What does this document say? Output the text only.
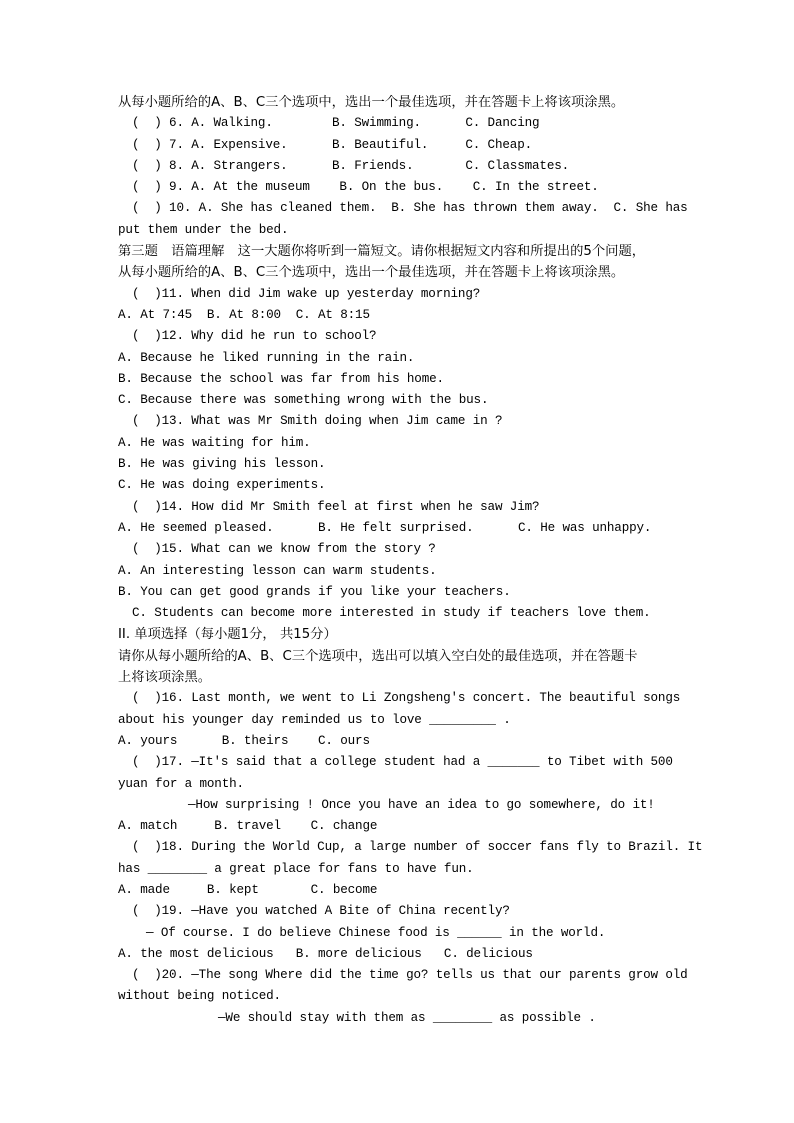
从每小题所给的A、B、C三个选项中，选出一个最佳选项，并在答题卡上将该项涂黑。
(  ) 6. A. Walking.        B. Swimming.      C. Dancing
(  ) 7. A. Expensive.      B. Beautiful.     C. Cheap.
(  ) 8. A. Strangers.      B. Friends.       C. Classmates.
(  ) 9. A. At the museum    B. On the bus.    C. In the street.
(  ) 10. A. She has cleaned them.  B. She has thrown them away.  C. She has
put them under the bed.
第三题　语篇理解　这一大题你将听到一篇短文。请你根据短文内容和所提出的5个问题，
从每小题所给的A、B、C三个选项中，选出一个最佳选项，并在答题卡上将该项涂黑。
(  )11. When did Jim wake up yesterday morning?
A. At 7:45  B. At 8:00  C. At 8:15
(  )12. Why did he run to school?
A. Because he liked running in the rain.
B. Because the school was far from his home.
C. Because there was something wrong with the bus.
(  )13. What was Mr Smith doing when Jim came in ?
A. He was waiting for him.
B. He was giving his lesson.
C. He was doing experiments.
(  )14. How did Mr Smith feel at first when he saw Jim?
A. He seemed pleased.      B. He felt surprised.      C. He was unhappy.
(  )15. What can we know from the story ?
A. An interesting lesson can warm students.
B. You can get good grands if you like your teachers.
C. Students can become more interested in study if teachers love them.
II. 单项选择（每小题1分， 共15分）
请你从每小题所给的A、B、C三个选项中，选出可以填入空白处的最佳选项，并在答题卡
上将该项涂黑。
(  )16. Last month, we went to Li Zongsheng's concert. The beautiful songs
about his younger day reminded us to love _________ .
A. yours      B. theirs    C. ours
(  )17. —It's said that a college student had a _______ to Tibet with 500
yuan for a month.
—How surprising ! Once you have an idea to go somewhere, do it!
A. match     B. travel    C. change
(  )18. During the World Cup, a large number of soccer fans fly to Brazil. It
has ________ a great place for fans to have fun.
A. made     B. kept       C. become
(  )19. —Have you watched A Bite of China recently?
— Of course. I do believe Chinese food is ______ in the world.
A. the most delicious   B. more delicious   C. delicious
(  )20. —The song Where did the time go? tells us that our parents grow old
without being noticed.
—We should stay with them as ________ as possible .
